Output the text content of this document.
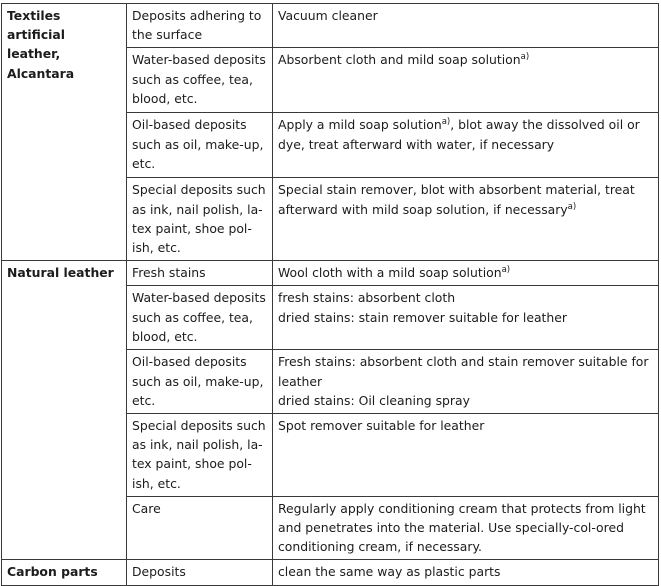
Textiles
artificial leather,
Alcantara	Deposits adhering to the surface	Vacuum cleaner
	Water-based deposits such as coffee, tea, blood, etc.	Absorbent cloth and mild soap solution$^{a)}$
	Oil-based deposits such as oil, make-up, etc.	Apply a mild soap solution$^{a)}$, blot away the dissolved oil or dye, treat afterward with water, if necessary
	Special deposits such as ink, nail polish, la-tex paint, shoe pol-ish, etc.	Special stain remover, blot with absorbent material, treat afterward with mild soap solution, if necessary$^{a)}$
Natural leather	Fresh stains	Wool cloth with a mild soap solution$^{a)}$
	Water-based deposits such as coffee, tea, blood, etc.	fresh stains: absorbent cloth
dried stains: stain remover suitable for leather

	Oil-based deposits such as oil, make-up, etc.	Fresh stains: absorbent cloth and stain remover suitable for leather
dried stains: Oil cleaning spray

	Special deposits such as ink, nail polish, la-tex paint, shoe pol-ish, etc.	Spot remover suitable for leather
	Care	Regularly apply conditioning cream that protects from light and penetrates into the material. Use specially-col-ored conditioning cream, if necessary.
Carbon parts	Deposits	clean the same way as plastic parts
